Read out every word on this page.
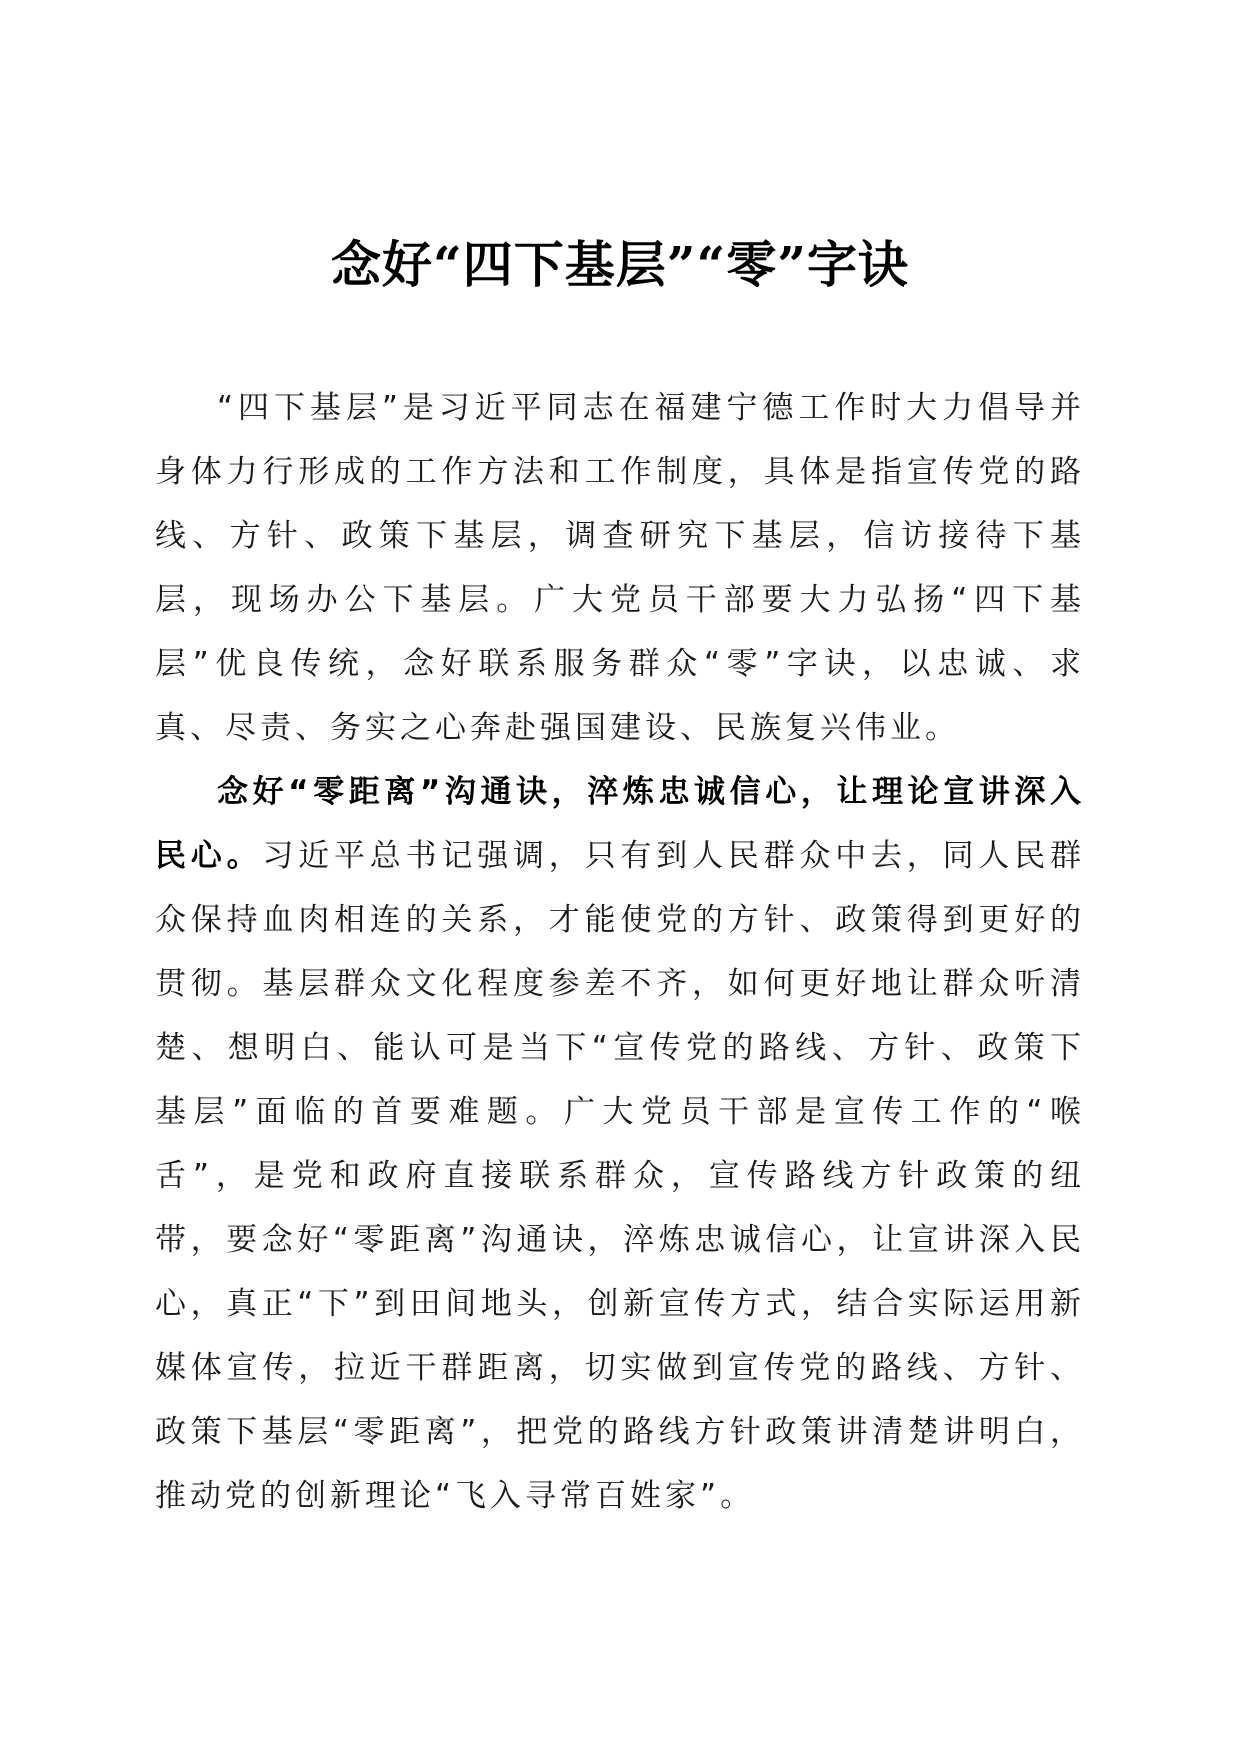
念好“四下基层”“零”字诀

“四下基层”是习近平同志在福建宁德工作时大力倡导并身体力行形成的工作方法和工作制度，具体是指宣传党的路线、方针、政策下基层，调查研究下基层，信访接待下基层，现场办公下基层。广大党员干部要大力弘扬“四下基层”优良传统，念好联系服务群众“零”字诀，以忠诚、求真、尽责、务实之心奔赴强国建设、民族复兴伟业。

念好“零距离”沟通诀，淬炼忠诚信心，让理论宣讲深入民心。习近平总书记强调，只有到人民群众中去，同人民群众保持血肉相连的关系，才能使党的方针、政策得到更好的贯彻。基层群众文化程度参差不齐，如何更好地让群众听清楚、想明白、能认可是当下“宣传党的路线、方针、政策下基层”面临的首要难题。广大党员干部是宣传工作的“喉舌”，是党和政府直接联系群众，宣传路线方针政策的纽带，要念好“零距离”沟通诀，淬炼忠诚信心，让宣讲深入民心，真正“下”到田间地头，创新宣传方式，结合实际运用新媒体宣传，拉近干群距离，切实做到宣传党的路线、方针、政策下基层“零距离”，把党的路线方针政策讲清楚讲明白，推动党的创新理论“飞入寻常百姓家”。
